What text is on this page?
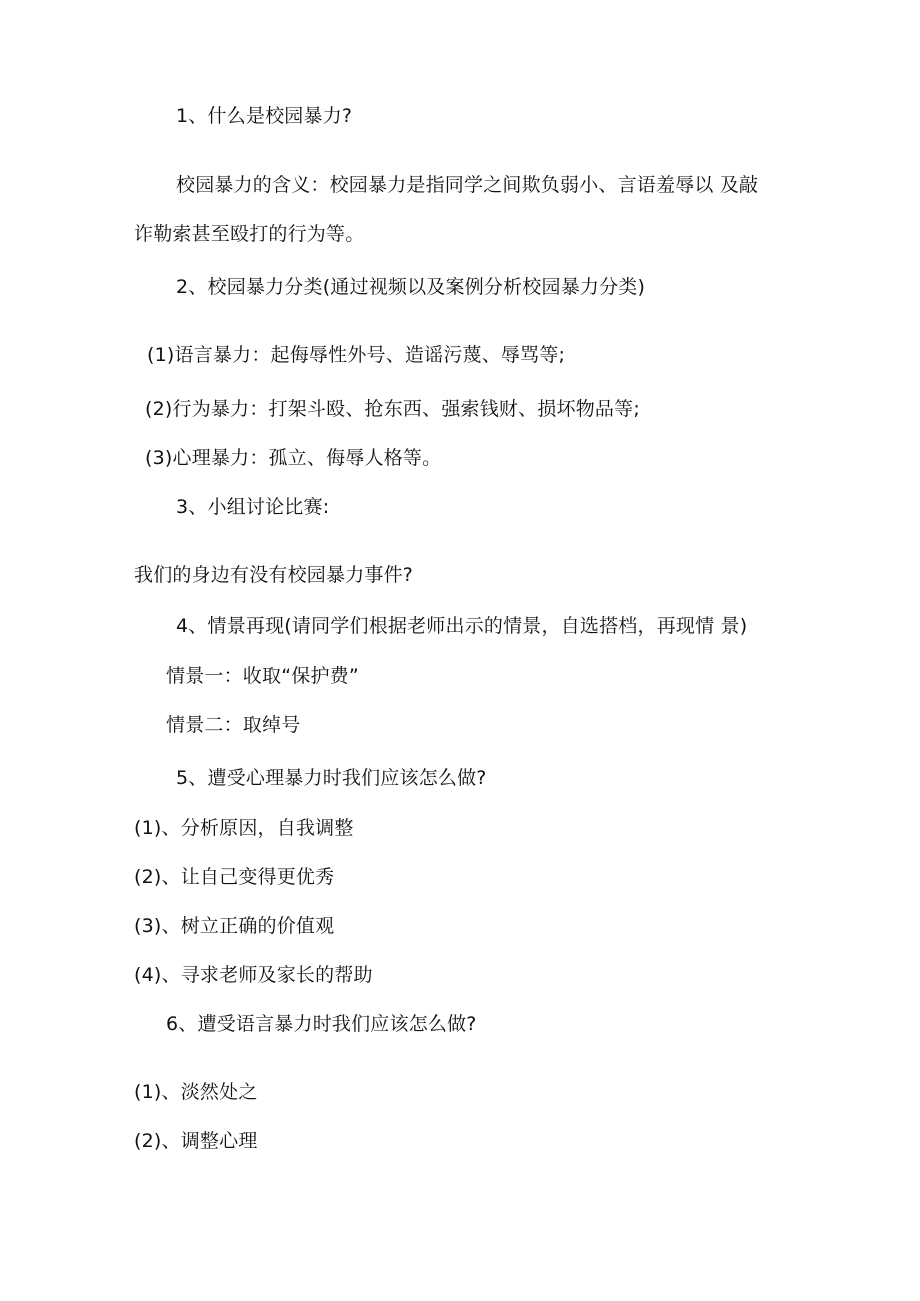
1、什么是校园暴力?
校园暴力的含义：校园暴力是指同学之间欺负弱小、言语羞辱以 及敲
诈勒索甚至殴打的行为等。
2、校园暴力分类(通过视频以及案例分析校园暴力分类)
(1)语言暴力：起侮辱性外号、造谣污蔑、辱骂等;
(2)行为暴力：打架斗殴、抢东西、强索钱财、损坏物品等;
(3)心理暴力：孤立、侮辱人格等。
3、小组讨论比赛:
我们的身边有没有校园暴力事件?
4、情景再现(请同学们根据老师出示的情景，自选搭档，再现情 景)
情景一：收取“保护费”
情景二：取绰号
5、遭受心理暴力时我们应该怎么做?
(1)、分析原因，自我调整
(2)、让自己变得更优秀
(3)、树立正确的价值观
(4)、寻求老师及家长的帮助
6、遭受语言暴力时我们应该怎么做?
(1)、淡然处之
(2)、调整心理
